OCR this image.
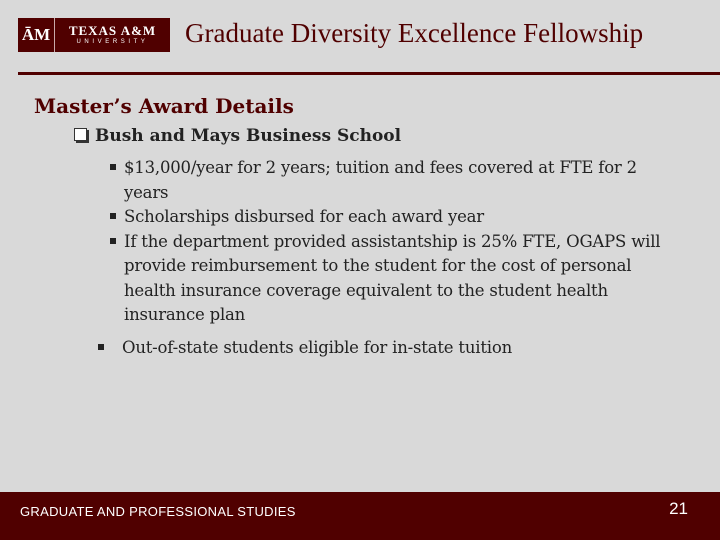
ĀM	TEXAS A&M
UNIVERSITY Graduate Diversity Excellence Fellowship
Master’s Award Details
Bush and Mays Business School
$13,000/year for 2 years; tuition and fees covered at FTE for 2 years
Scholarships disbursed for each award year
If the department provided assistantship is 25% FTE, OGAPS will provide reimbursement to the student for the cost of personal health insurance coverage equivalent to the student health insurance plan
Out-of-state students eligible for in-state tuition
GRADUATE AND PROFESSIONAL STUDIES	21
